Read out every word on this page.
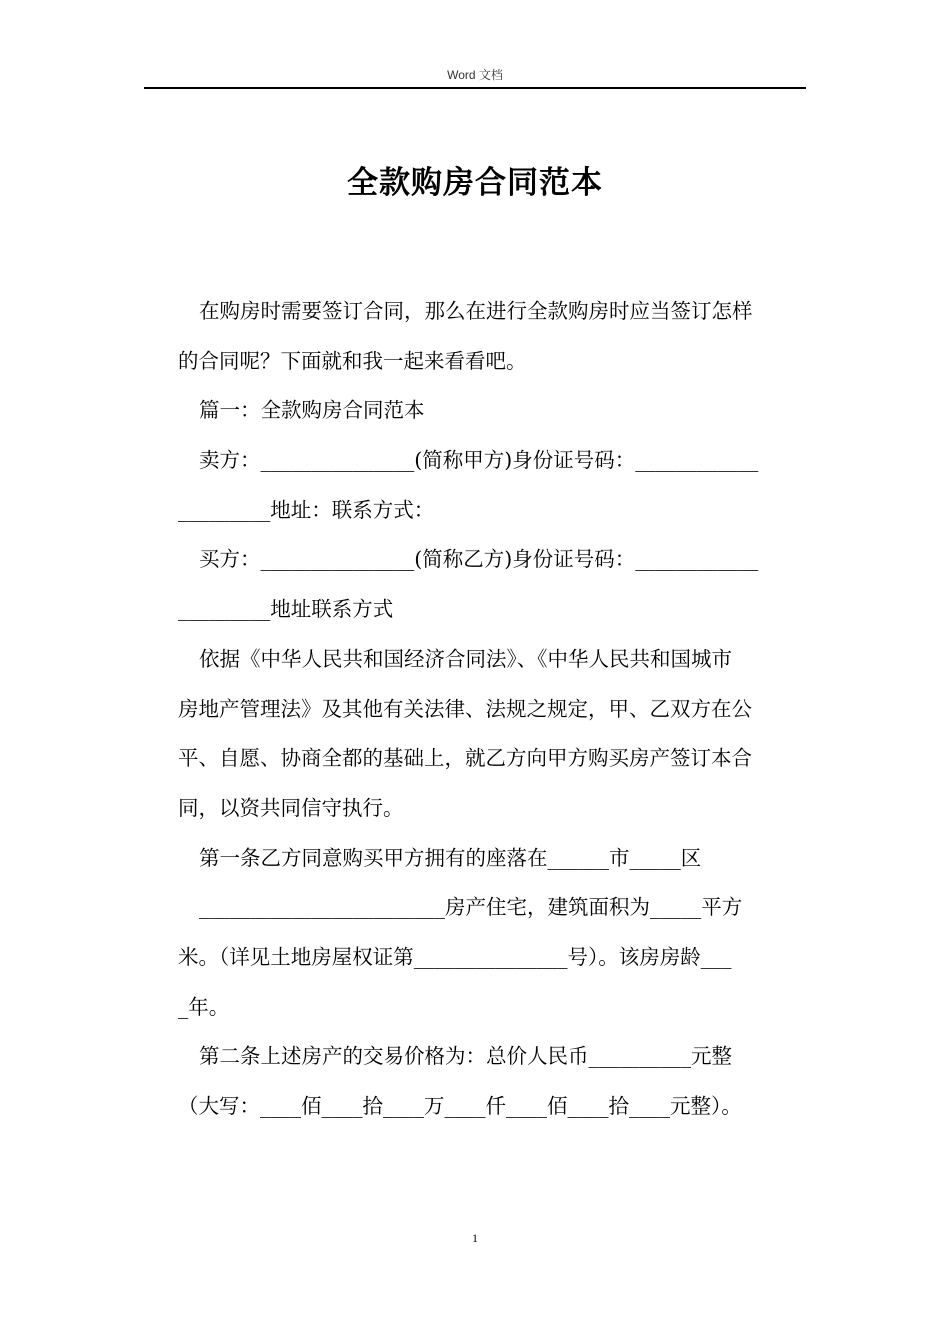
Word 文档
全款购房合同范本
在购房时需要签订合同，那么在进行全款购房时应当签订怎样
的合同呢？下面就和我一起来看看吧。
篇一：全款购房合同范本
卖方：_______________(简称甲方)身份证号码：____________
_________地址：联系方式：
买方：_______________(简称乙方)身份证号码：____________
_________地址联系方式
依据《中华人民共和国经济合同法》、《中华人民共和国城市
房地产管理法》及其他有关法律、法规之规定，甲、乙双方在公
平、自愿、协商全都的基础上，就乙方向甲方购买房产签订本合
同，以资共同信守执行。
第一条乙方同意购买甲方拥有的座落在______市_____区
________________________房产住宅，建筑面积为_____平方
米。（详见土地房屋权证第_______________号）。该房房龄___
_年。
第二条上述房产的交易价格为：总价人民币__________元整
（大写：____佰____拾____万____仟____佰____拾____元整）。
1
